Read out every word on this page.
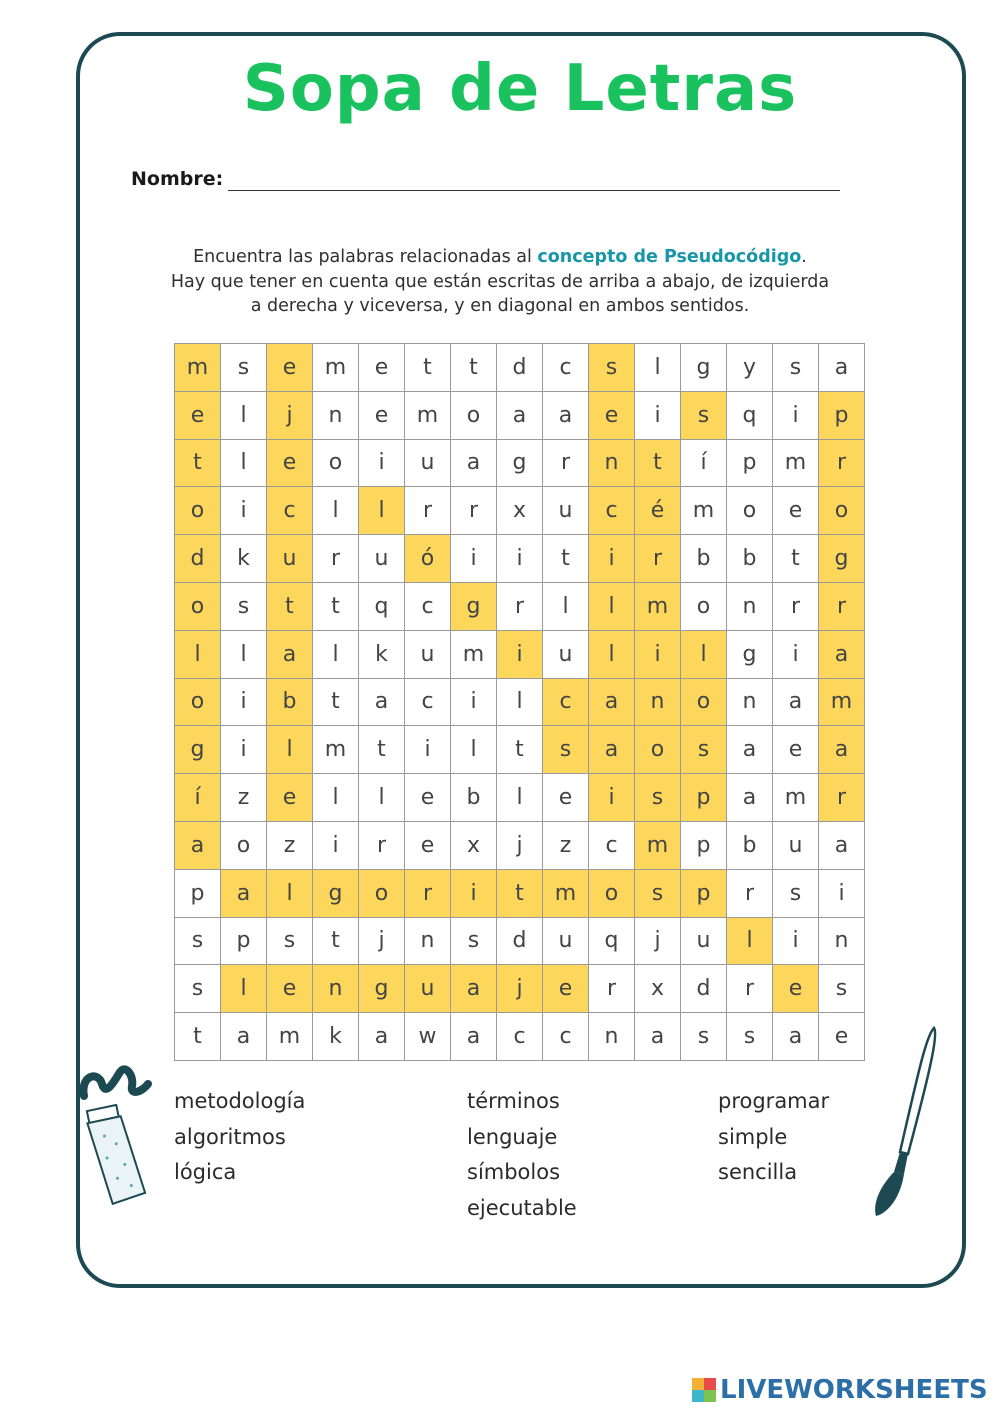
Sopa de Letras
Nombre:
Encuentra las palabras relacionadas al concepto de Pseudocódigo.
Hay que tener en cuenta que están escritas de arriba a abajo, de izquierda
a derecha y viceversa, y en diagonal en ambos sentidos.
m	s	e	m	e	t	t	d	c	s	l	g	y	s	a
e	l	j	n	e	m	o	a	a	e	i	s	q	i	p
t	l	e	o	i	u	a	g	r	n	t	í	p	m	r
o	i	c	l	l	r	r	x	u	c	é	m	o	e	o
d	k	u	r	u	ó	i	i	t	i	r	b	b	t	g
o	s	t	t	q	c	g	r	l	l	m	o	n	r	r
l	l	a	l	k	u	m	i	u	l	i	l	g	i	a
o	i	b	t	a	c	i	l	c	a	n	o	n	a	m
g	i	l	m	t	i	l	t	s	a	o	s	a	e	a
í	z	e	l	l	e	b	l	e	i	s	p	a	m	r
a	o	z	i	r	e	x	j	z	c	m	p	b	u	a
p	a	l	g	o	r	i	t	m	o	s	p	r	s	i
s	p	s	t	j	n	s	d	u	q	j	u	l	i	n
s	l	e	n	g	u	a	j	e	r	x	d	r	e	s
t	a	m	k	a	w	a	c	c	n	a	s	s	a	e
metodología
algoritmos
lógica
términos
lenguaje
símbolos
ejecutable
programar
simple
sencilla
LIVEWORKSHEETS
